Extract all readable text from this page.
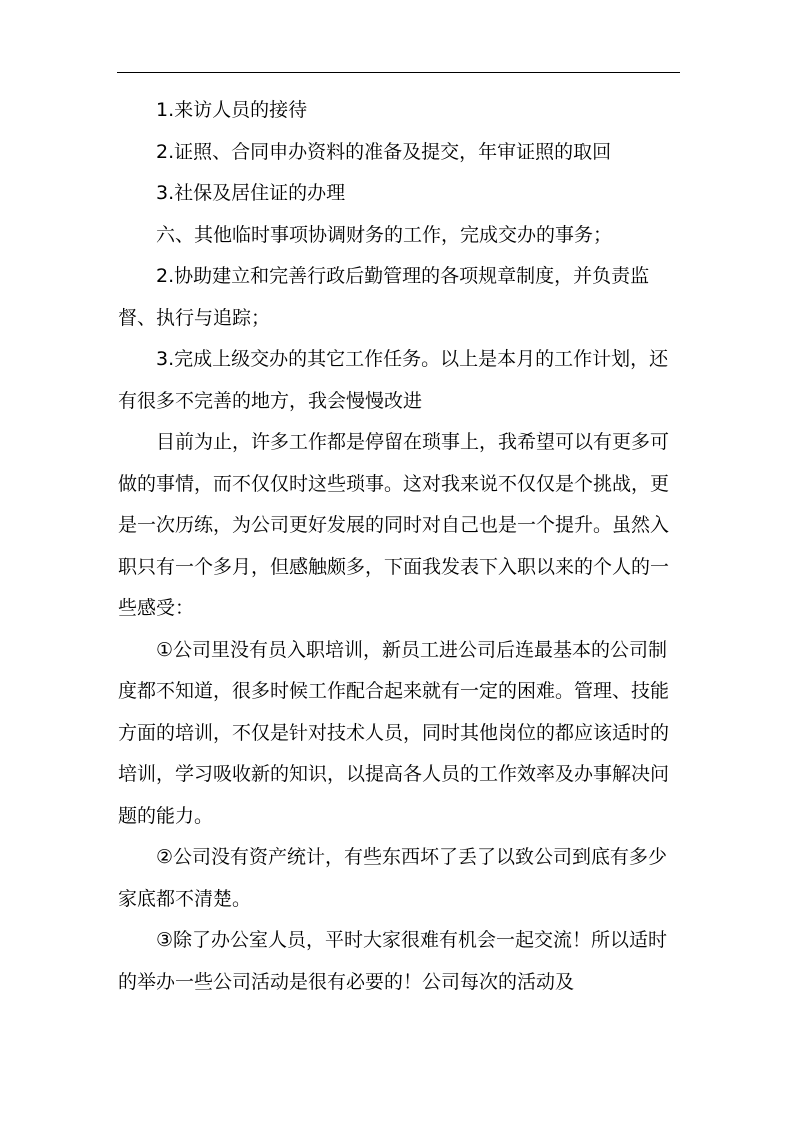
1.来访人员的接待

2.证照、合同申办资料的准备及提交，年审证照的取回

3.社保及居住证的办理

六、其他临时事项协调财务的工作，完成交办的事务；

2.协助建立和完善行政后勤管理的各项规章制度，并负责监督、执行与追踪；

3.完成上级交办的其它工作任务。以上是本月的工作计划，还有很多不完善的地方，我会慢慢改进

目前为止，许多工作都是停留在琐事上，我希望可以有更多可做的事情，而不仅仅时这些琐事。这对我来说不仅仅是个挑战，更是一次历练，为公司更好发展的同时对自己也是一个提升。虽然入职只有一个多月，但感触颇多，下面我发表下入职以来的个人的一些感受：

①公司里没有员入职培训，新员工进公司后连最基本的公司制度都不知道，很多时候工作配合起来就有一定的困难。管理、技能方面的培训，不仅是针对技术人员，同时其他岗位的都应该适时的培训，学习吸收新的知识，以提高各人员的工作效率及办事解决问题的能力。

②公司没有资产统计，有些东西坏了丢了以致公司到底有多少家底都不清楚。

③除了办公室人员，平时大家很难有机会一起交流！所以适时的举办一些公司活动是很有必要的！公司每次的活动及
